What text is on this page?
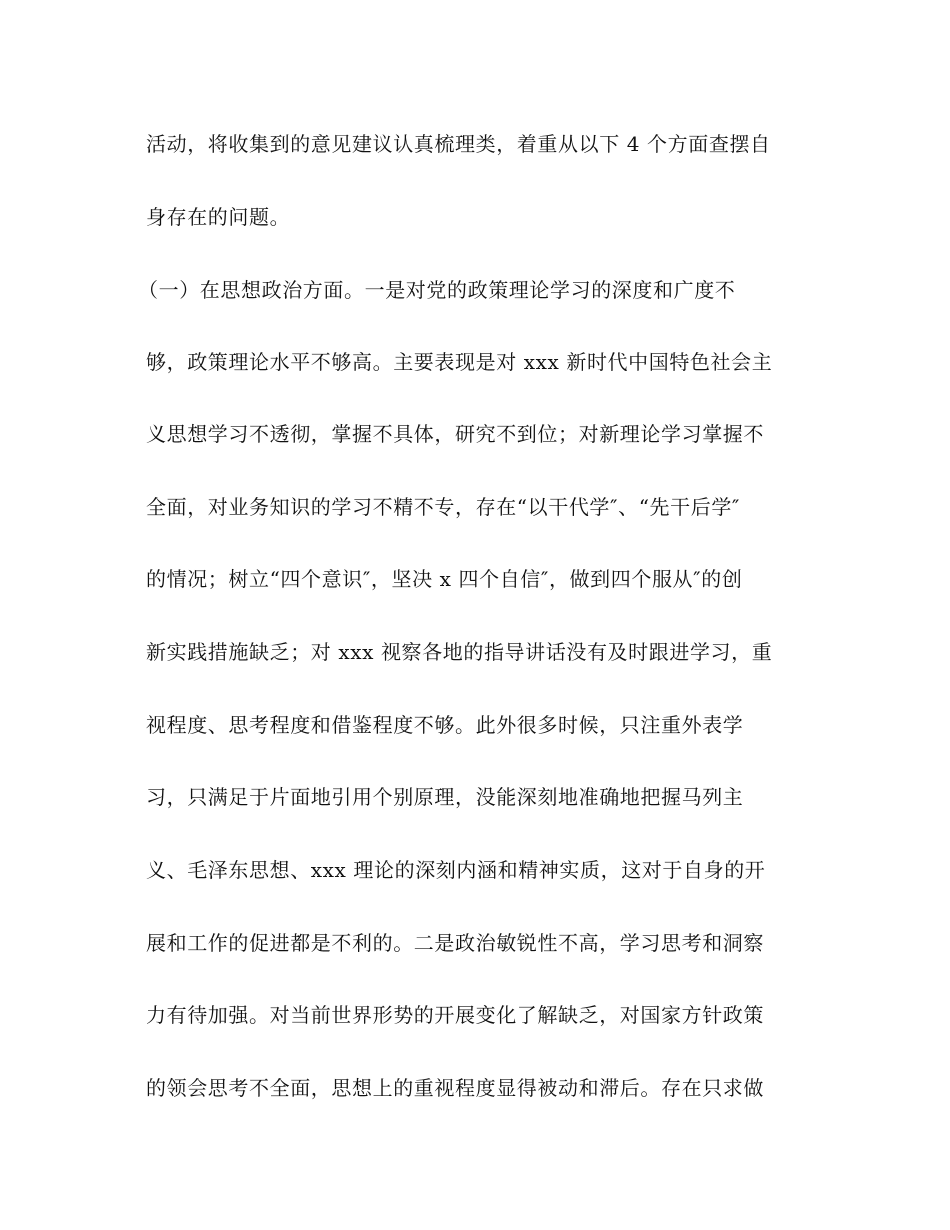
活动，将收集到的意见建议认真梳理类，着重从以下 4 个方面查摆自
身存在的问题。
（一）在思想政治方面。一是对党的政策理论学习的深度和广度不
够，政策理论水平不够高。主要表现是对 xxx 新时代中国特色社会主
义思想学习不透彻，掌握不具体，研究不到位；对新理论学习掌握不
全面，对业务知识的学习不精不专，存在“以干代学″、“先干后学″
的情况；树立“四个意识″，坚决 x 四个自信″，做到四个服从″的创
新实践措施缺乏；对 xxx 视察各地的指导讲话没有及时跟进学习，重
视程度、思考程度和借鉴程度不够。此外很多时候，只注重外表学
习，只满足于片面地引用个别原理，没能深刻地准确地把握马列主
义、毛泽东思想、xxx 理论的深刻内涵和精神实质，这对于自身的开
展和工作的促进都是不利的。二是政治敏锐性不高，学习思考和洞察
力有待加强。对当前世界形势的开展变化了解缺乏，对国家方针政策
的领会思考不全面，思想上的重视程度显得被动和滞后。存在只求做
